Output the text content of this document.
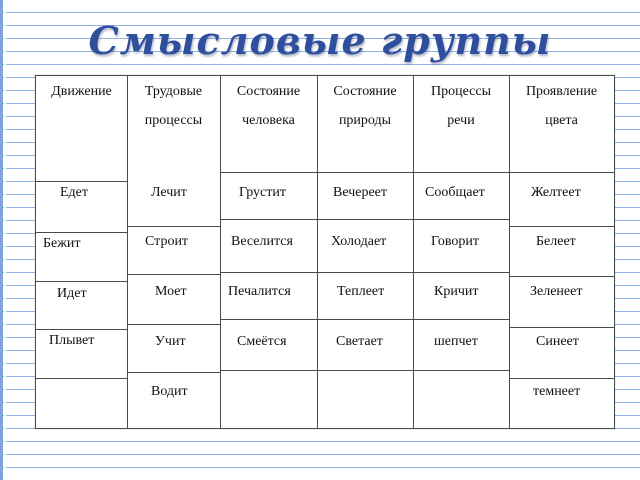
Смысловые группы
Движение
Едет
Бежит
Идет
Плывет
Трудовые
процессы
Лечит
Строит
Моет
Учит
Водит
Состояние
человека
Грустит
Веселится
Печалится
Смеётся
Состояние
природы
Вечереет
Холодает
Теплеет
Светает
Процессы
речи
Сообщает
Говорит
Кричит
шепчет
Проявление
цвета
Желтеет
Белеет
Зеленеет
Синеет
темнеет
